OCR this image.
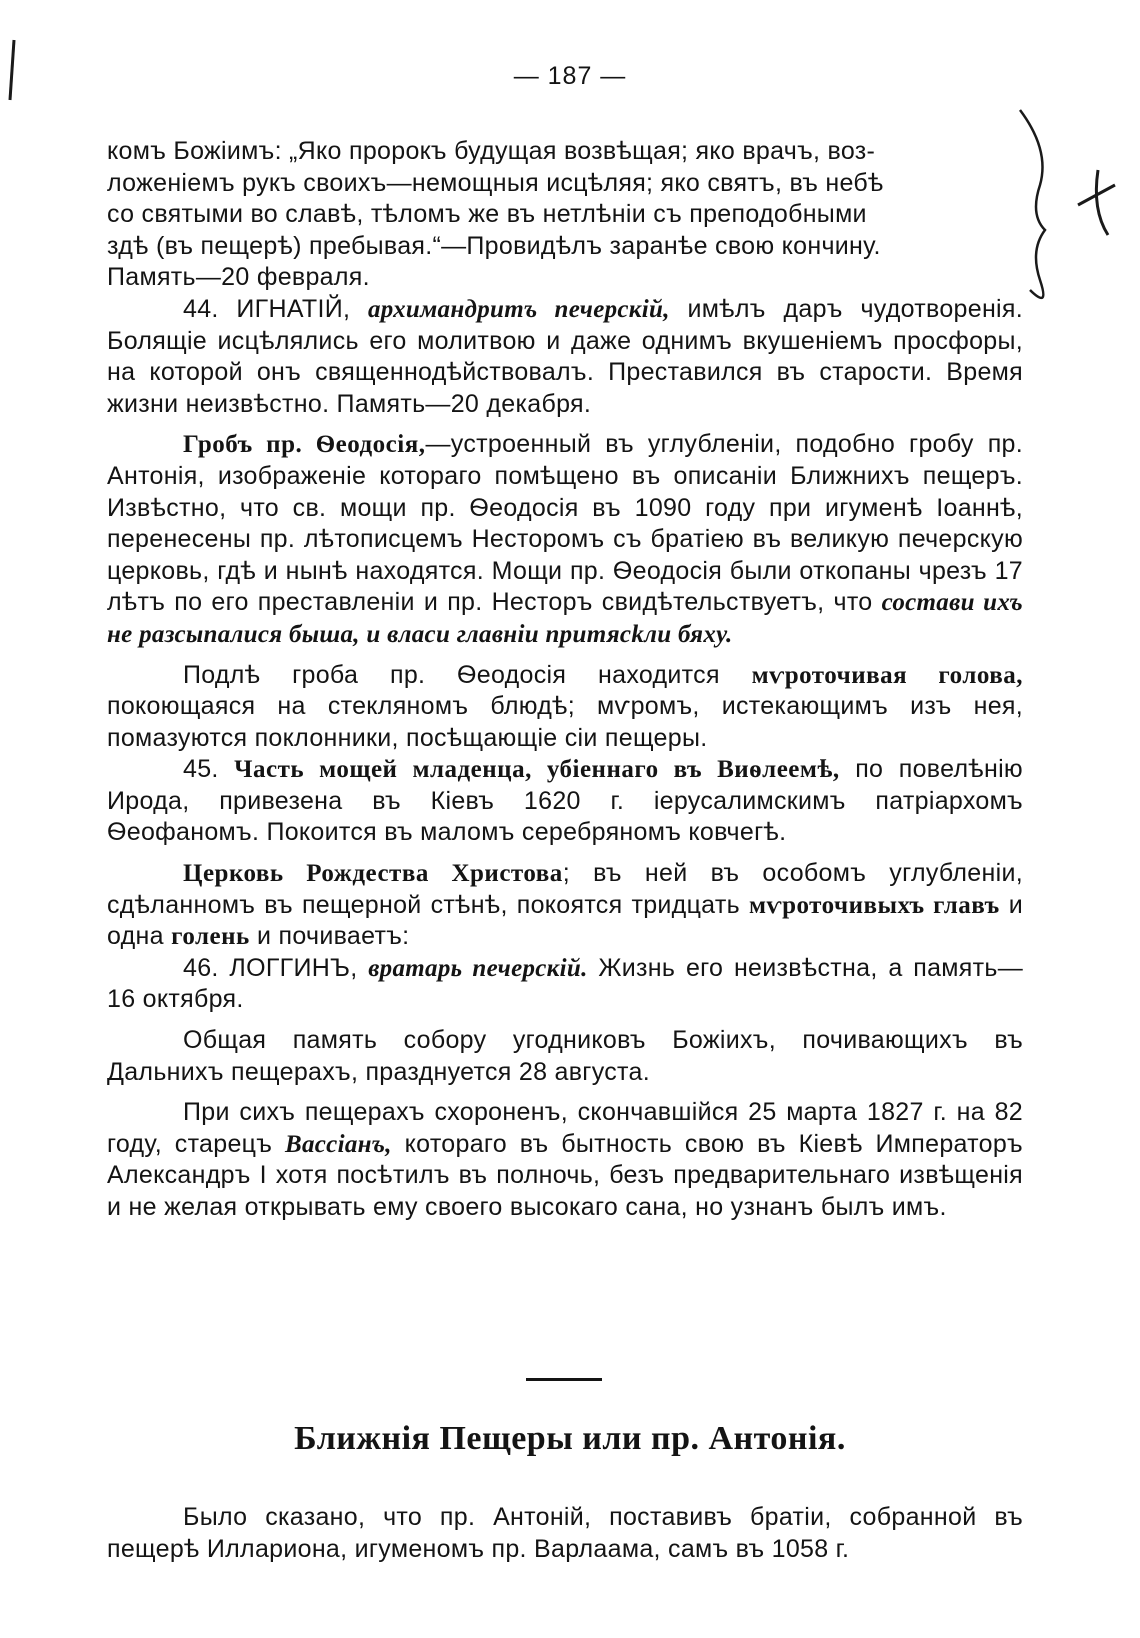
— 187 —

комъ Божіимъ: „Яко пророкъ будущая возвѣщая; яко врачъ, воз-
ложеніемъ рукъ своихъ—немощныя исцѣляя; яко святъ, въ небѣ
со святыми во славѣ, тѣломъ же въ нетлѣніи съ преподобными
здѣ (въ пещерѣ) пребывая.“—Провидѣлъ заранѣе свою кончину.
Память—20 февраля.

44. ИГНАТІЙ, архимандритъ печерскій, имѣлъ даръ чудотворенія. Болящіе исцѣлялись его молитвою и даже однимъ вкушеніемъ просфоры, на которой онъ священнодѣйствовалъ. Преставился въ старости. Время жизни неизвѣстно. Память—20 декабря.

Гробъ пр. Ѳеодосія,—устроенный въ углубленіи, подобно гробу пр. Антонія, изображеніе котораго помѣщено въ описаніи Ближнихъ пещеръ. Извѣстно, что св. мощи пр. Ѳеодосія въ 1090 году при игуменѣ Іоаннѣ, перенесены пр. лѣтописцемъ Несторомъ съ братіею въ великую печерскую церковь, гдѣ и нынѣ находятся. Мощи пр. Ѳеодосія были откопаны чрезъ 17 лѣтъ по его преставленіи и пр. Несторъ свидѣтельствуетъ, что состави ихъ не разсыпалися быша, и власи главніи притясkли бяху.

Подлѣ гроба пр. Ѳеодосія находится мѵроточивая голова, покоющаяся на стекляномъ блюдѣ; мѵромъ, истекающимъ изъ нея, помазуются поклонники, посѣщающіе сіи пещеры.

45. Часть мощей младенца, убіеннаго въ Виѳлеемѣ, по повелѣнію Ирода, привезена въ Кіевъ 1620 г. іерусалимскимъ патріархомъ Ѳеофаномъ. Покоится въ маломъ серебряномъ ковчегѣ.

Церковь Рождества Христова; въ ней въ особомъ углубленіи, сдѣланномъ въ пещерной стѣнѣ, покоятся тридцать мѵроточивыхъ главъ и одна голень и почиваетъ:

46. ЛОГГИНЪ, вратарь печерскій. Жизнь его неизвѣстна, а память—16 октября.

Общая память собору угодниковъ Божіихъ, почивающихъ въ Дальнихъ пещерахъ, празднуется 28 августа.

При сихъ пещерахъ схороненъ, скончавшійся 25 марта 1827 г. на 82 году, старецъ Вассіанъ, котораго въ бытность свою въ Кіевѣ Императоръ Александръ I хотя посѣтилъ въ полночь, безъ предварительнаго извѣщенія и не желая открывать ему своего высокаго сана, но узнанъ былъ имъ.

Ближнія Пещеры или пр. Антонія.

Было сказано, что пр. Антоній, поставивъ братіи, собранной въ пещерѣ Иллариона, игуменомъ пр. Варлаама, самъ въ 1058 г.
